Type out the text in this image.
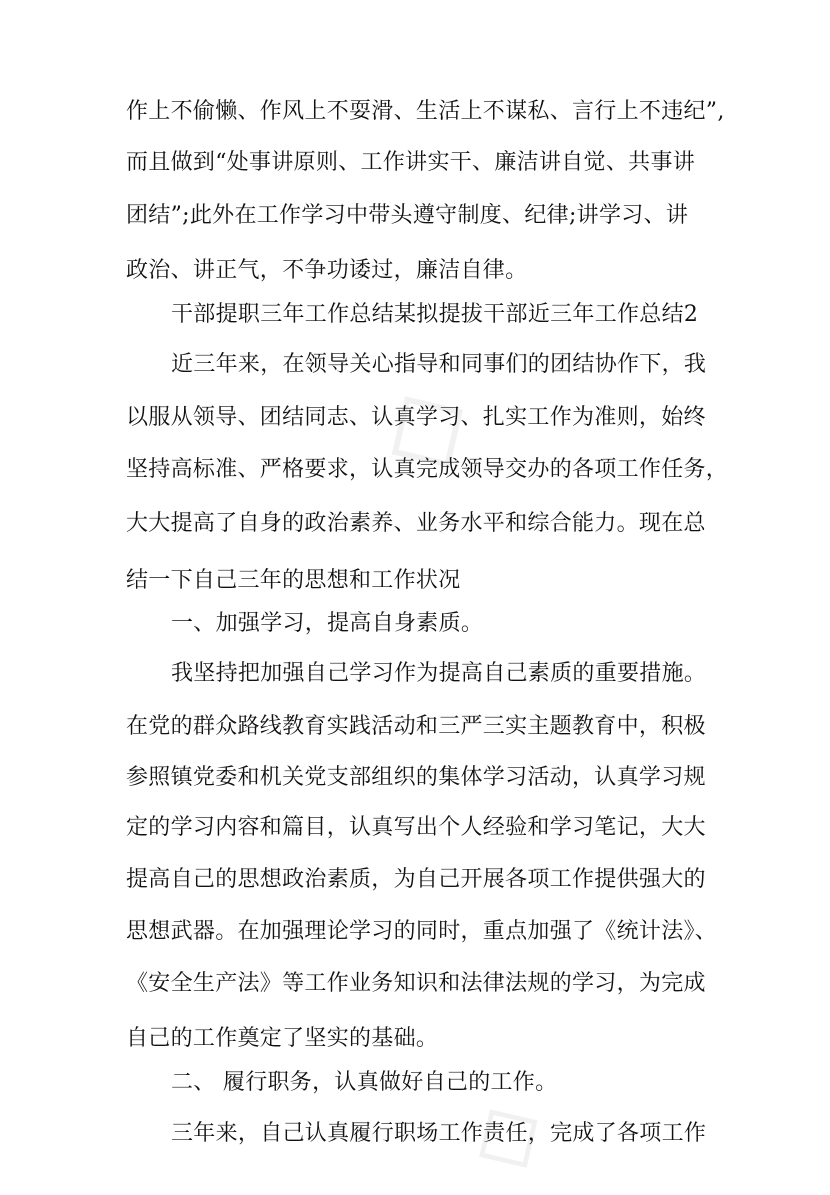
◇
◇
作上不偷懒、作风上不耍滑、生活上不谋私、言行上不违纪”,
而且做到“处事讲原则、工作讲实干、廉洁讲自觉、共事讲
团结”;此外在工作学习中带头遵守制度、纪律;讲学习、讲
政治、讲正气，不争功诿过，廉洁自律。
干部提职三年工作总结某拟提拔干部近三年工作总结2
近三年来，在领导关心指导和同事们的团结协作下，我
以服从领导、团结同志、认真学习、扎实工作为准则，始终
坚持高标准、严格要求，认真完成领导交办的各项工作任务，
大大提高了自身的政治素养、业务水平和综合能力。现在总
结一下自己三年的思想和工作状况
一、加强学习，提高自身素质。
我坚持把加强自己学习作为提高自己素质的重要措施。
在党的群众路线教育实践活动和三严三实主题教育中，积极
参照镇党委和机关党支部组织的集体学习活动，认真学习规
定的学习内容和篇目，认真写出个人经验和学习笔记，大大
提高自己的思想政治素质，为自己开展各项工作提供强大的
思想武器。在加强理论学习的同时，重点加强了《统计法》、
《安全生产法》等工作业务知识和法律法规的学习，为完成
自己的工作奠定了坚实的基础。
二、 履行职务，认真做好自己的工作。
三年来，自己认真履行职场工作责任，完成了各项工作
